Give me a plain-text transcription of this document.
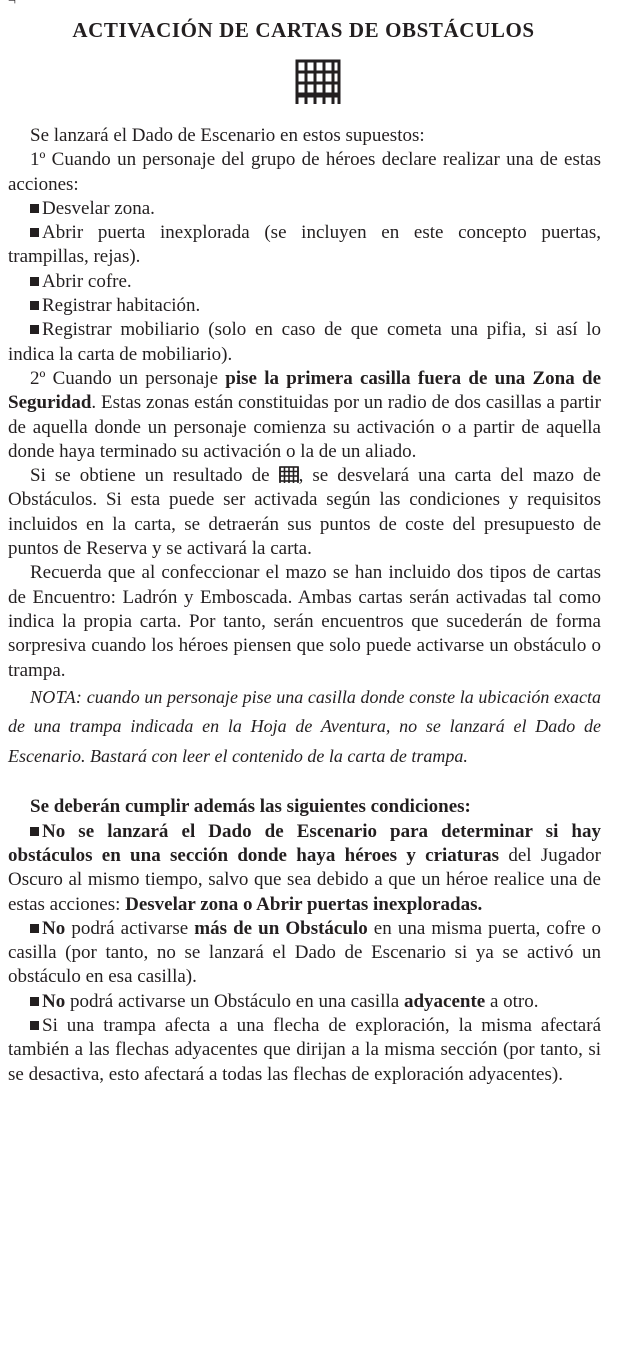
¬
ACTIVACIÓN DE CARTAS DE OBSTÁCULOS

Se lanzará el Dado de Escenario en estos supuestos:

1º Cuando un personaje del grupo de héroes declare realizar una de estas acciones:

Desvelar zona.

Abrir puerta inexplorada (se incluyen en este concepto puertas, trampillas, rejas).

Abrir cofre.

Registrar habitación.

Registrar mobiliario (solo en caso de que cometa una pifia, si así lo indica la carta de mobiliario).

2º Cuando un personaje pise la primera casilla fuera de una Zona de Seguridad. Estas zonas están constituidas por un radio de dos casillas a partir de aquella donde un personaje comienza su activación o a partir de aquella donde haya terminado su activación o la de un aliado.

Si se obtiene un resultado de , se desvelará una carta del mazo de Obstáculos. Si esta puede ser activada según las condiciones y requisitos incluidos en la carta, se detraerán sus puntos de coste del presupuesto de puntos de Reserva y se activará la carta.

Recuerda que al confeccionar el mazo se han incluido dos tipos de cartas de Encuentro: Ladrón y Emboscada. Ambas cartas serán activadas tal como indica la propia carta. Por tanto, serán encuentros que sucederán de forma sorpresiva cuando los héroes piensen que solo puede activarse un obstáculo o trampa.

NOTA: cuando un personaje pise una casilla donde conste la ubicación exacta de una trampa indicada en la Hoja de Aventura, no se lanzará el Dado de Escenario. Bastará con leer el contenido de la carta de trampa.

Se deberán cumplir además las siguientes condiciones:

No se lanzará el Dado de Escenario para determinar si hay obstáculos en una sección donde haya héroes y criaturas del Jugador Oscuro al mismo tiempo, salvo que sea debido a que un héroe realice una de estas acciones: Desvelar zona o Abrir puertas inexploradas.

No podrá activarse más de un Obstáculo en una misma puerta, cofre o casilla (por tanto, no se lanzará el Dado de Escenario si ya se activó un obstáculo en esa casilla).

No podrá activarse un Obstáculo en una casilla adyacente a otro.

Si una trampa afecta a una flecha de exploración, la misma afectará también a las flechas adyacentes que dirijan a la misma sección (por tanto, si se desactiva, esto afectará a todas las flechas de exploración adyacentes).
